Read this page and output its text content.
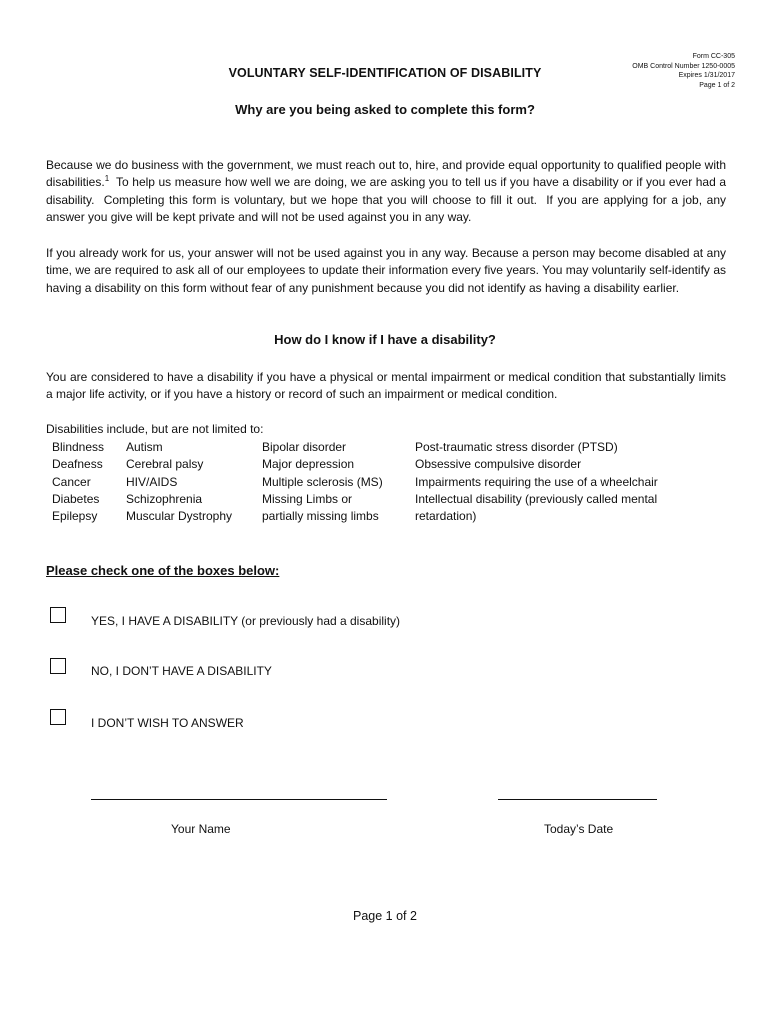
Form CC-305
OMB Control Number 1250-0005
Expires 1/31/2017
Page 1 of 2
VOLUNTARY SELF-IDENTIFICATION OF DISABILITY
Why are you being asked to complete this form?
Because we do business with the government, we must reach out to, hire, and provide equal opportunity to qualified people with disabilities.$^1$  To help us measure how well we are doing, we are asking you to tell us if you have a disability or if you ever had a disability.  Completing this form is voluntary, but we hope that you will choose to fill it out.  If you are applying for a job, any answer you give will be kept private and will not be used against you in any way.
If you already work for us, your answer will not be used against you in any way. Because a person may become disabled at any time, we are required to ask all of our employees to update their information every five years. You may voluntarily self-identify as having a disability on this form without fear of any punishment because you did not identify as having a disability earlier.
How do I know if I have a disability?
You are considered to have a disability if you have a physical or mental impairment or medical condition that substantially limits a major life activity, or if you have a history or record of such an impairment or medical condition.
Disabilities include, but are not limited to:
Blindness
Deafness
Cancer
Diabetes
Epilepsy
Autism
Cerebral palsy
HIV/AIDS
Schizophrenia
Muscular Dystrophy
Bipolar disorder
Major depression
Multiple sclerosis (MS)
Missing Limbs or
partially missing limbs
Post-traumatic stress disorder (PTSD)
Obsessive compulsive disorder
Impairments requiring the use of a wheelchair
Intellectual disability (previously called mental
retardation)
Please check one of the boxes below:
YES, I HAVE A DISABILITY (or previously had a disability)
NO, I DON’T HAVE A DISABILITY
I DON’T WISH TO ANSWER
Your Name	Today’s Date
Page 1 of 2
